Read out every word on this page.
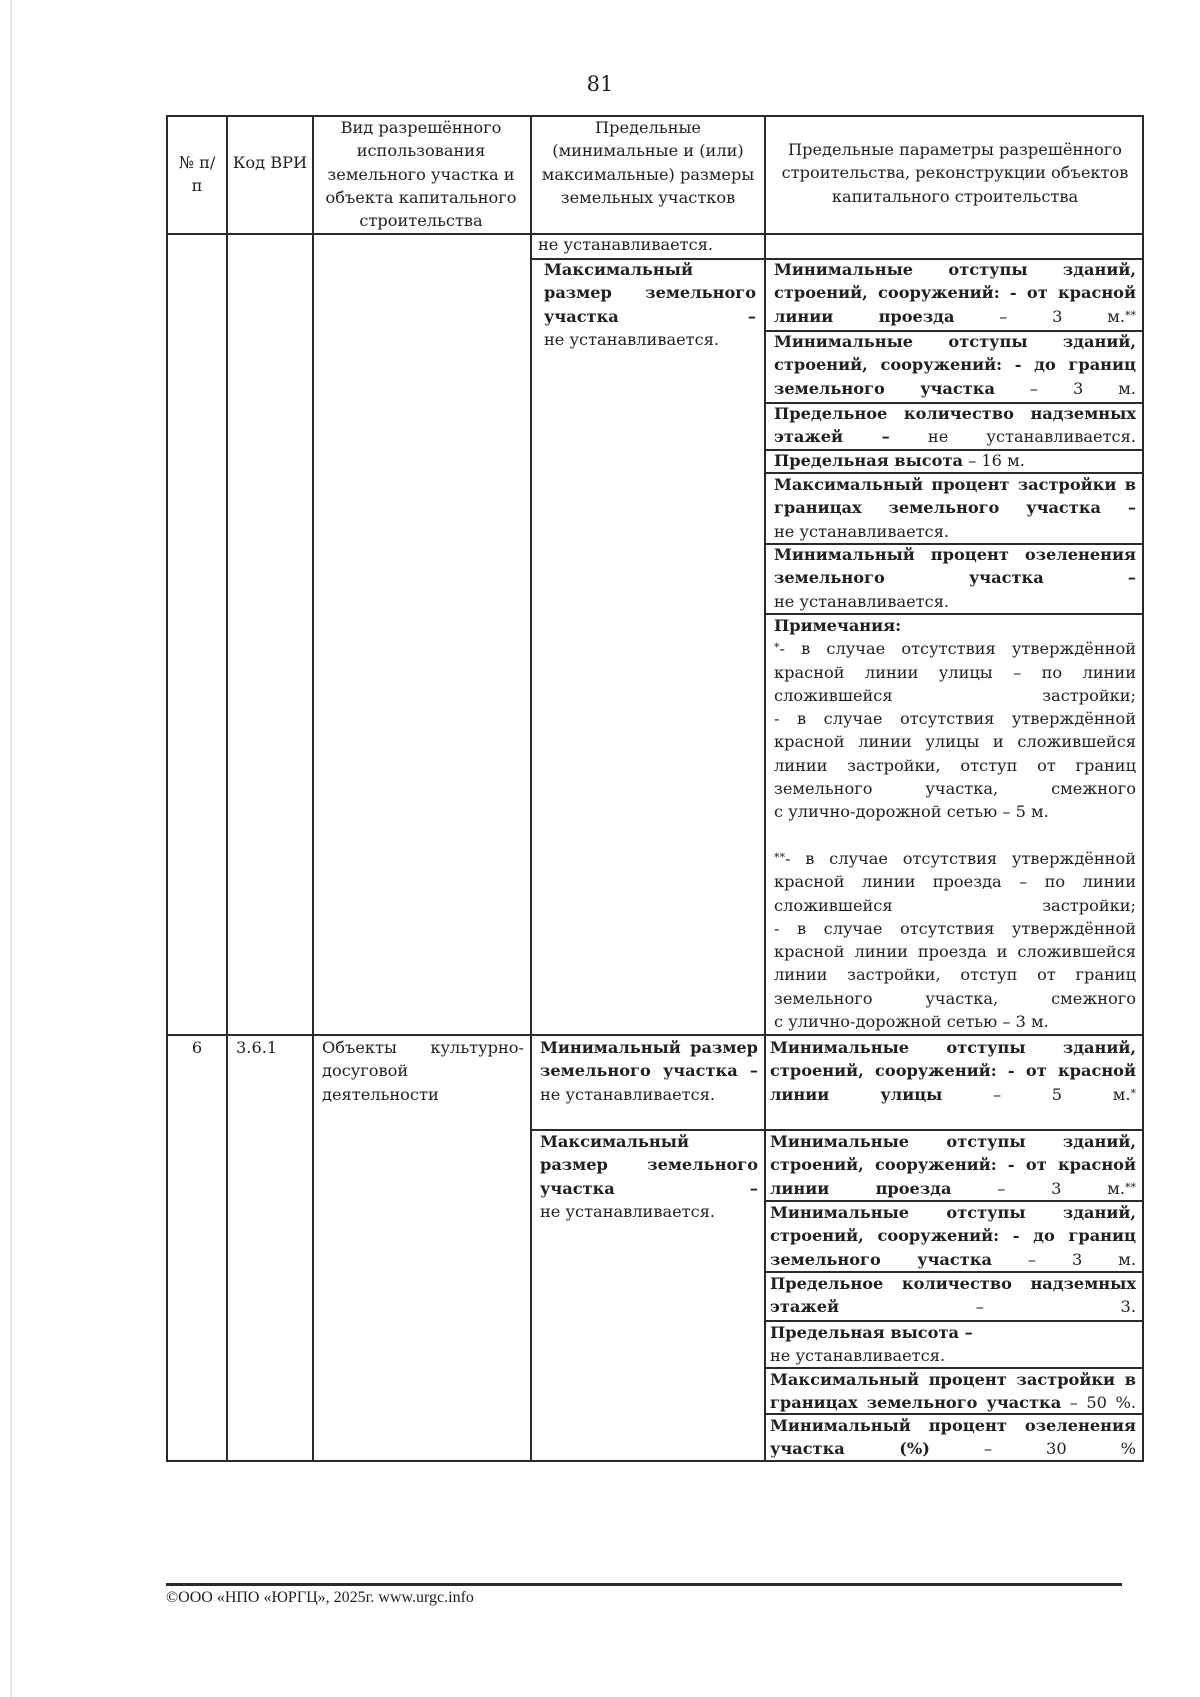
81
№ п/п
Код ВРИ
Вид разрешённого использования земельного участка и объекта капитального строительства
Предельные (минимальные и (или) максимальные) размеры земельных участков
Предельные параметры разрешённого строительства, реконструкции объектов капитального строительства
не устанавливается.
Максимальный размер земельного участка –
не устанавливается.
Минимальные отступы зданий, строений, сооружений: - от красной линии проезда – 3 м.**
Минимальные отступы зданий, строений, сооружений: - до границ земельного участка – 3 м.
Предельное количество надземных этажей – не устанавливается.
Предельная высота – 16 м.
Максимальный процент застройки в границах земельного участка –
не устанавливается.
Минимальный процент озеленения земельного участка –
не устанавливается.
Примечания:
*- в случае отсутствия утверждённой красной линии улицы – по линии сложившейся застройки;
- в случае отсутствия утверждённой красной линии улицы и сложившейся линии застройки, отступ от границ земельного участка, смежного
с улично-дорожной сетью – 5 м.
**- в случае отсутствия утверждённой красной линии проезда – по линии сложившейся застройки;
- в случае отсутствия утверждённой красной линии проезда и сложившейся линии застройки, отступ от границ земельного участка, смежного
с улично-дорожной сетью – 3 м.
6	3.6.1	Объекты культурно-досуговой деятельности
Минимальный размер земельного участка –
не устанавливается.
Максимальный размер земельного участка –
не устанавливается.
Минимальные отступы зданий, строений, сооружений: - от красной линии улицы – 5 м.*
Минимальные отступы зданий, строений, сооружений: - от красной линии проезда – 3 м.**
Минимальные отступы зданий, строений, сооружений: - до границ земельного участка – 3 м.
Предельное количество надземных этажей – 3.
Предельная высота –
не устанавливается.
Максимальный процент застройки в границах земельного участка – 50 %.
Минимальный процент озеленения участка (%) – 30 %
©ООО «НПО «ЮРГЦ», 2025г. www.urgc.info
